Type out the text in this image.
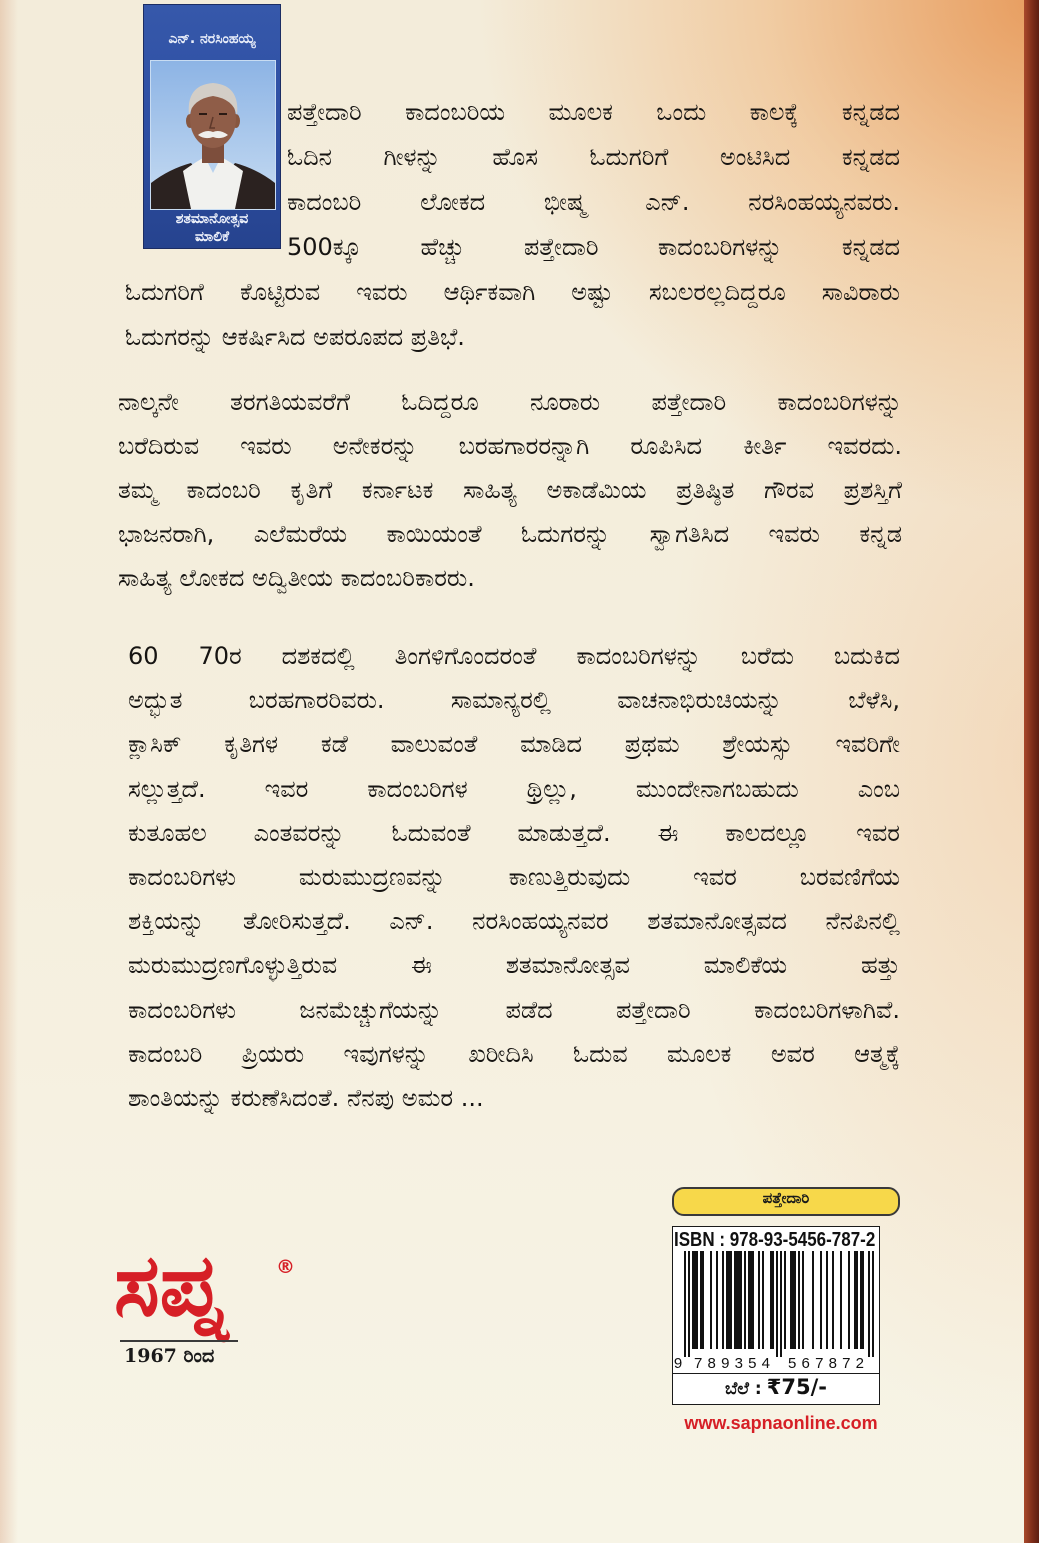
ಎನ್. ನರಸಿಂಹಯ್ಯ
ಶತಮಾನೋತ್ಸವ
ಮಾಲಿಕೆ
ಪತ್ತೇದಾರಿ ಕಾದಂಬರಿಯ ಮೂಲಕ ಒಂದು ಕಾಲಕ್ಕೆ ಕನ್ನಡದ
ಓದಿನ ಗೀಳನ್ನು ಹೊಸ ಓದುಗರಿಗೆ ಅಂಟಿಸಿದ ಕನ್ನಡದ
ಕಾದಂಬರಿ ಲೋಕದ ಭೀಷ್ಮ ಎನ್. ನರಸಿಂಹಯ್ಯನವರು.
500ಕ್ಕೂ ಹೆಚ್ಚು ಪತ್ತೇದಾರಿ ಕಾದಂಬರಿಗಳನ್ನು ಕನ್ನಡದ
ಓದುಗರಿಗೆ ಕೊಟ್ಟಿರುವ ಇವರು ಆರ್ಥಿಕವಾಗಿ ಅಷ್ಟು ಸಬಲರಲ್ಲದಿದ್ದರೂ ಸಾವಿರಾರು
ಓದುಗರನ್ನು ಆಕರ್ಷಿಸಿದ ಅಪರೂಪದ ಪ್ರತಿಭೆ.
ನಾಲ್ಕನೇ ತರಗತಿಯವರೆಗೆ ಓದಿದ್ದರೂ ನೂರಾರು ಪತ್ತೇದಾರಿ ಕಾದಂಬರಿಗಳನ್ನು
ಬರೆದಿರುವ ಇವರು ಅನೇಕರನ್ನು ಬರಹಗಾರರನ್ನಾಗಿ ರೂಪಿಸಿದ ಕೀರ್ತಿ ಇವರದು.
ತಮ್ಮ ಕಾದಂಬರಿ ಕೃತಿಗೆ ಕರ್ನಾಟಕ ಸಾಹಿತ್ಯ ಅಕಾಡೆಮಿಯ ಪ್ರತಿಷ್ಠಿತ ಗೌರವ ಪ್ರಶಸ್ತಿಗೆ
ಭಾಜನರಾಗಿ, ಎಲೆಮರೆಯ ಕಾಯಿಯಂತೆ ಓದುಗರನ್ನು ಸ್ವಾಗತಿಸಿದ ಇವರು ಕನ್ನಡ
ಸಾಹಿತ್ಯ ಲೋಕದ ಅದ್ವಿತೀಯ ಕಾದಂಬರಿಕಾರರು.
60 70ರ ದಶಕದಲ್ಲಿ ತಿಂಗಳಿಗೊಂದರಂತೆ ಕಾದಂಬರಿಗಳನ್ನು ಬರೆದು ಬದುಕಿದ
ಅದ್ಭುತ ಬರಹಗಾರರಿವರು. ಸಾಮಾನ್ಯರಲ್ಲಿ ವಾಚನಾಭಿರುಚಿಯನ್ನು ಬೆಳೆಸಿ,
ಕ್ಲಾಸಿಕ್ ಕೃತಿಗಳ ಕಡೆ ವಾಲುವಂತೆ ಮಾಡಿದ ಪ್ರಥಮ ಶ್ರೇಯಸ್ಸು ಇವರಿಗೇ
ಸಲ್ಲುತ್ತದೆ. ಇವರ ಕಾದಂಬರಿಗಳ ಥ್ರಿಲ್ಲು, ಮುಂದೇನಾಗಬಹುದು ಎಂಬ
ಕುತೂಹಲ ಎಂತವರನ್ನು ಓದುವಂತೆ ಮಾಡುತ್ತದೆ. ಈ ಕಾಲದಲ್ಲೂ ಇವರ
ಕಾದಂಬರಿಗಳು ಮರುಮುದ್ರಣವನ್ನು ಕಾಣುತ್ತಿರುವುದು ಇವರ ಬರವಣಿಗೆಯ
ಶಕ್ತಿಯನ್ನು ತೋರಿಸುತ್ತದೆ. ಎನ್. ನರಸಿಂಹಯ್ಯನವರ ಶತಮಾನೋತ್ಸವದ ನೆನಪಿನಲ್ಲಿ
ಮರುಮುದ್ರಣಗೊಳ್ಳುತ್ತಿರುವ ಈ ಶತಮಾನೋತ್ಸವ ಮಾಲಿಕೆಯ ಹತ್ತು
ಕಾದಂಬರಿಗಳು ಜನಮೆಚ್ಚುಗೆಯನ್ನು ಪಡೆದ ಪತ್ತೇದಾರಿ ಕಾದಂಬರಿಗಳಾಗಿವೆ.
ಕಾದಂಬರಿ ಪ್ರಿಯರು ಇವುಗಳನ್ನು ಖರೀದಿಸಿ ಓದುವ ಮೂಲಕ ಅವರ ಆತ್ಮಕ್ಕೆ
ಶಾಂತಿಯನ್ನು ಕರುಣೆಸಿದಂತೆ. ನೆನಪು ಅಮರ ...
ಪತ್ತೇದಾರಿ
ISBN : 978-93-5456-787-2
9 789354 567872
ಬೆಲೆ : ₹75/-
www.sapnaonline.com
ಸಪ್ನ	®
1967 ರಿಂದ
